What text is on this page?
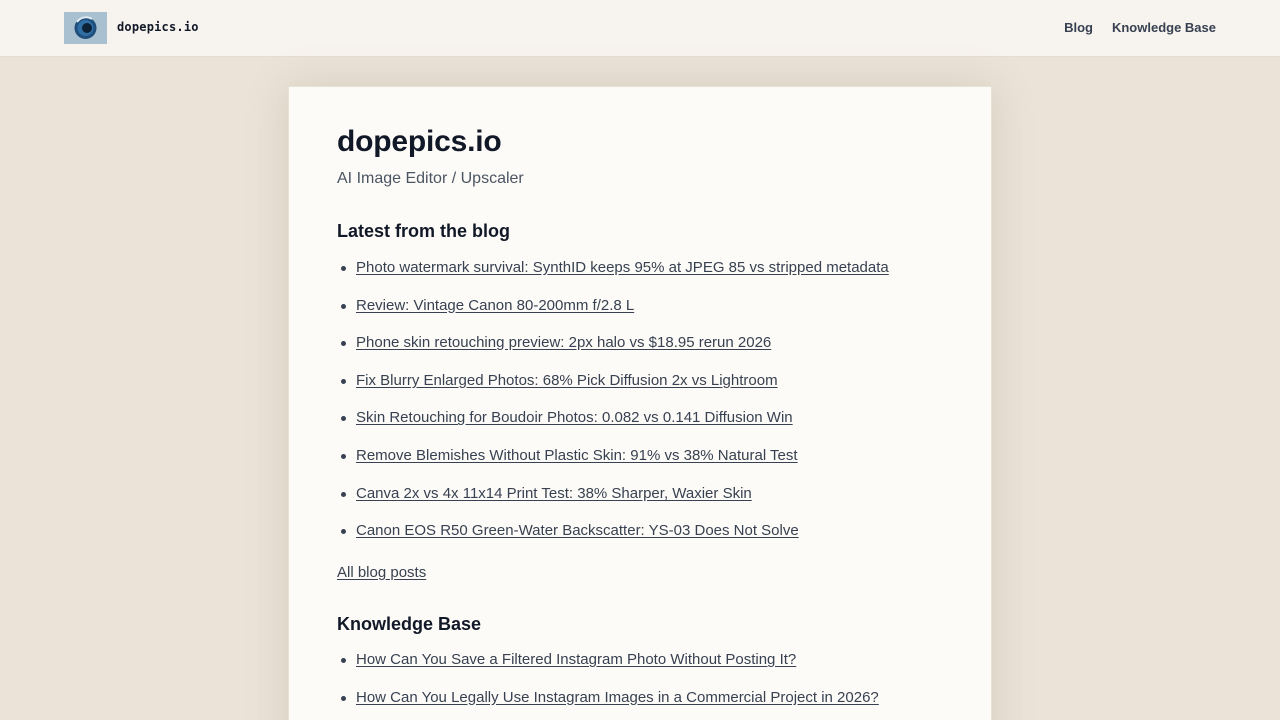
dopepics.io	Blog Knowledge Base
dopepics.io

AI Image Editor / Upscaler

Latest from the blog
Photo watermark survival: SynthID keeps 95% at JPEG 85 vs stripped metadata
Review: Vintage Canon 80-200mm f/2.8 L
Phone skin retouching preview: 2px halo vs $18.95 rerun 2026
Fix Blurry Enlarged Photos: 68% Pick Diffusion 2x vs Lightroom
Skin Retouching for Boudoir Photos: 0.082 vs 0.141 Diffusion Win
Remove Blemishes Without Plastic Skin: 91% vs 38% Natural Test
Canva 2x vs 4x 11x14 Print Test: 38% Sharper, Waxier Skin
Canon EOS R50 Green-Water Backscatter: YS-03 Does Not Solve
All blog posts
Knowledge Base
How Can You Save a Filtered Instagram Photo Without Posting It?
How Can You Legally Use Instagram Images in a Commercial Project in 2026?
